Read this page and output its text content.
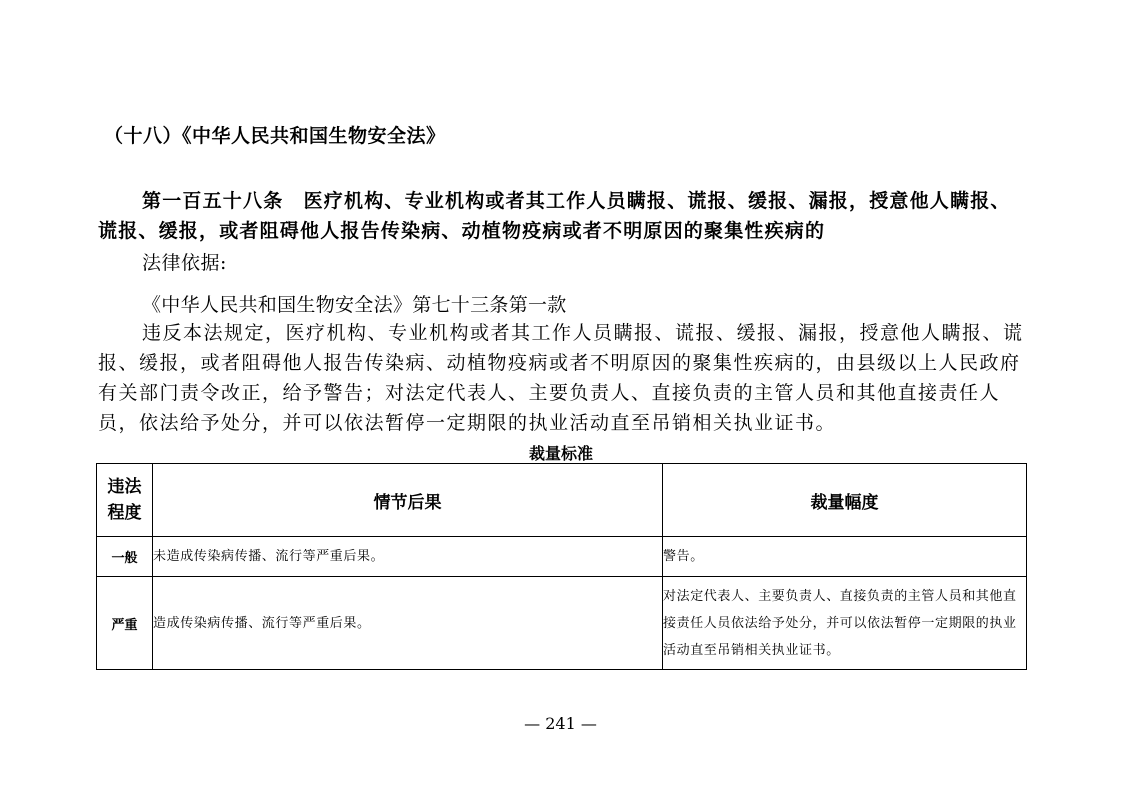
（十八）《中华人民共和国生物安全法》
第一百五十八条　医疗机构、专业机构或者其工作人员瞒报、谎报、缓报、漏报，授意他人瞒报、谎报、缓报，或者阻碍他人报告传染病、动植物疫病或者不明原因的聚集性疾病的
法律依据:
《中华人民共和国生物安全法》第七十三条第一款
违反本法规定，医疗机构、专业机构或者其工作人员瞒报、谎报、缓报、漏报，授意他人瞒报、谎报、缓报，或者阻碍他人报告传染病、动植物疫病或者不明原因的聚集性疾病的，由县级以上人民政府有关部门责令改正，给予警告；对法定代表人、主要负责人、直接负责的主管人员和其他直接责任人员，依法给予处分，并可以依法暂停一定期限的执业活动直至吊销相关执业证书。
裁量标准
违法
程度	情节后果	裁量幅度
一般	未造成传染病传播、流行等严重后果。	警告。
严重	造成传染病传播、流行等严重后果。	对法定代表人、主要负责人、直接负责的主管人员和其他直接责任人员依法给予处分，并可以依法暂停一定期限的执业活动直至吊销相关执业证书。
— 241 —
